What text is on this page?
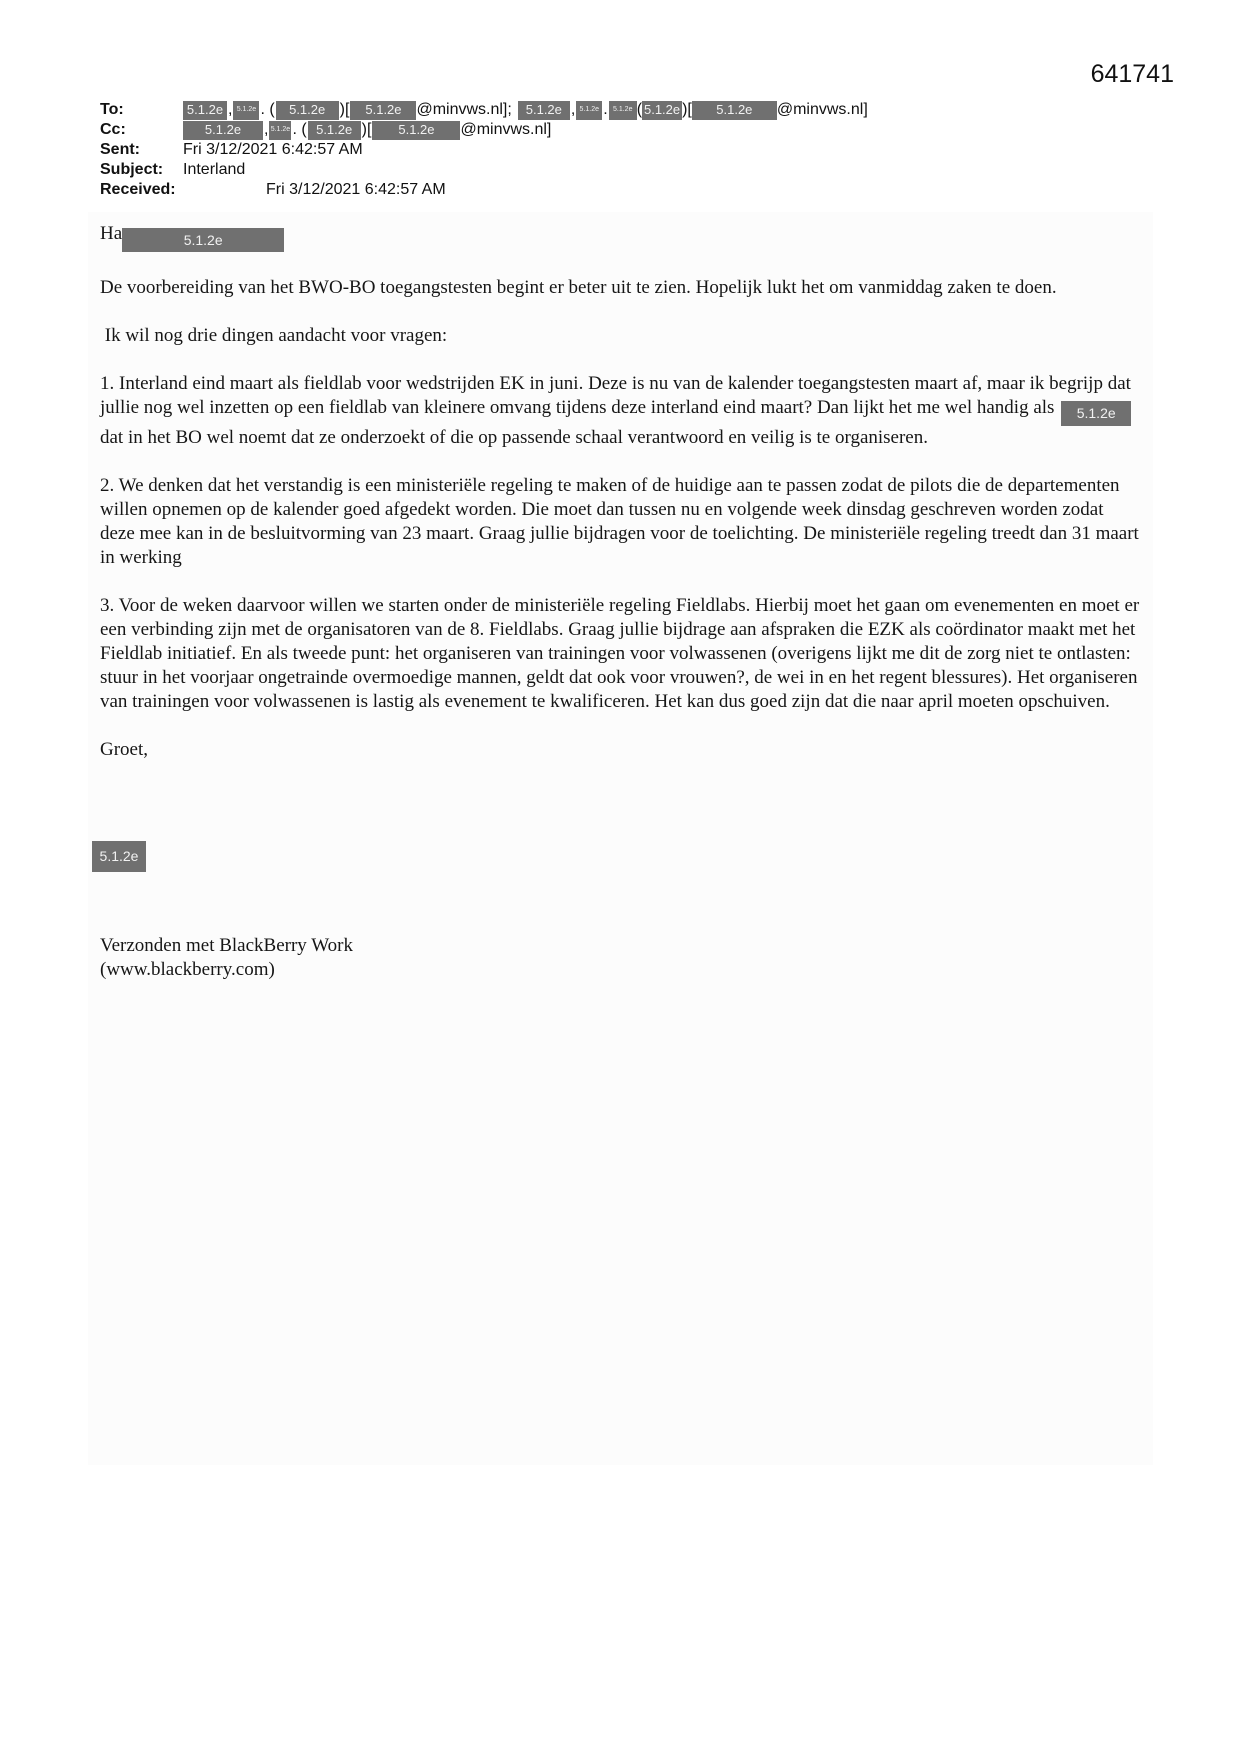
641741
To:	5.1.2e , 5.1.2e . (	5.1.2e )[	5.1.2e @minvws.nl];	5.1.2e , 5.1.2e . 5.1.2e ( 5.1.2e )[	5.1.2e	@minvws.nl]
Cc:	5.1.2e	, 5.1.2e . ( 5.1.2e )[	5.1.2e	@minvws.nl]
Sent:	Fri 3/12/2021 6:42:57 AM
Subject:	Interland
Received:	Fri 3/12/2021 6:42:57 AM

Ha	5.1.2e

De voorbereiding van het BWO-BO toegangstesten begint er beter uit te zien. Hopelijk lukt het om vanmiddag zaken te doen.

Ik wil nog drie dingen aandacht voor vragen:

1. Interland eind maart als fieldlab voor wedstrijden EK in juni. Deze is nu van de kalender toegangstesten maart af, maar ik begrijp dat jullie nog wel inzetten op een fieldlab van kleinere omvang tijdens deze interland eind maart? Dan lijkt het me wel handig als 5.1.2e dat in het BO wel noemt dat ze onderzoekt of die op passende schaal verantwoord en veilig is te organiseren.

2. We denken dat het verstandig is een ministeriële regeling te maken of de huidige aan te passen zodat de pilots die de departementen willen opnemen op de kalender goed afgedekt worden. Die moet dan tussen nu en volgende week dinsdag geschreven worden zodat deze mee kan in de besluitvorming van 23 maart. Graag jullie bijdragen voor de toelichting. De ministeriële regeling treedt dan 31 maart in werking

3. Voor de weken daarvoor willen we starten onder de ministeriële regeling Fieldlabs. Hierbij moet het gaan om evenementen en moet er een verbinding zijn met de organisatoren van de 8. Fieldlabs. Graag jullie bijdrage aan afspraken die EZK als coördinator maakt met het Fieldlab initiatief. En als tweede punt: het organiseren van trainingen voor volwassenen (overigens lijkt me dit de zorg niet te ontlasten: stuur in het voorjaar ongetrainde overmoedige mannen, geldt dat ook voor vrouwen?, de wei in en het regent blessures). Het organiseren van trainingen voor volwassenen is lastig als evenement te kwalificeren. Het kan dus goed zijn dat die naar april moeten opschuiven.

Groet,

5.1.2e
Verzonden met BlackBerry Work
(www.blackberry.com)
